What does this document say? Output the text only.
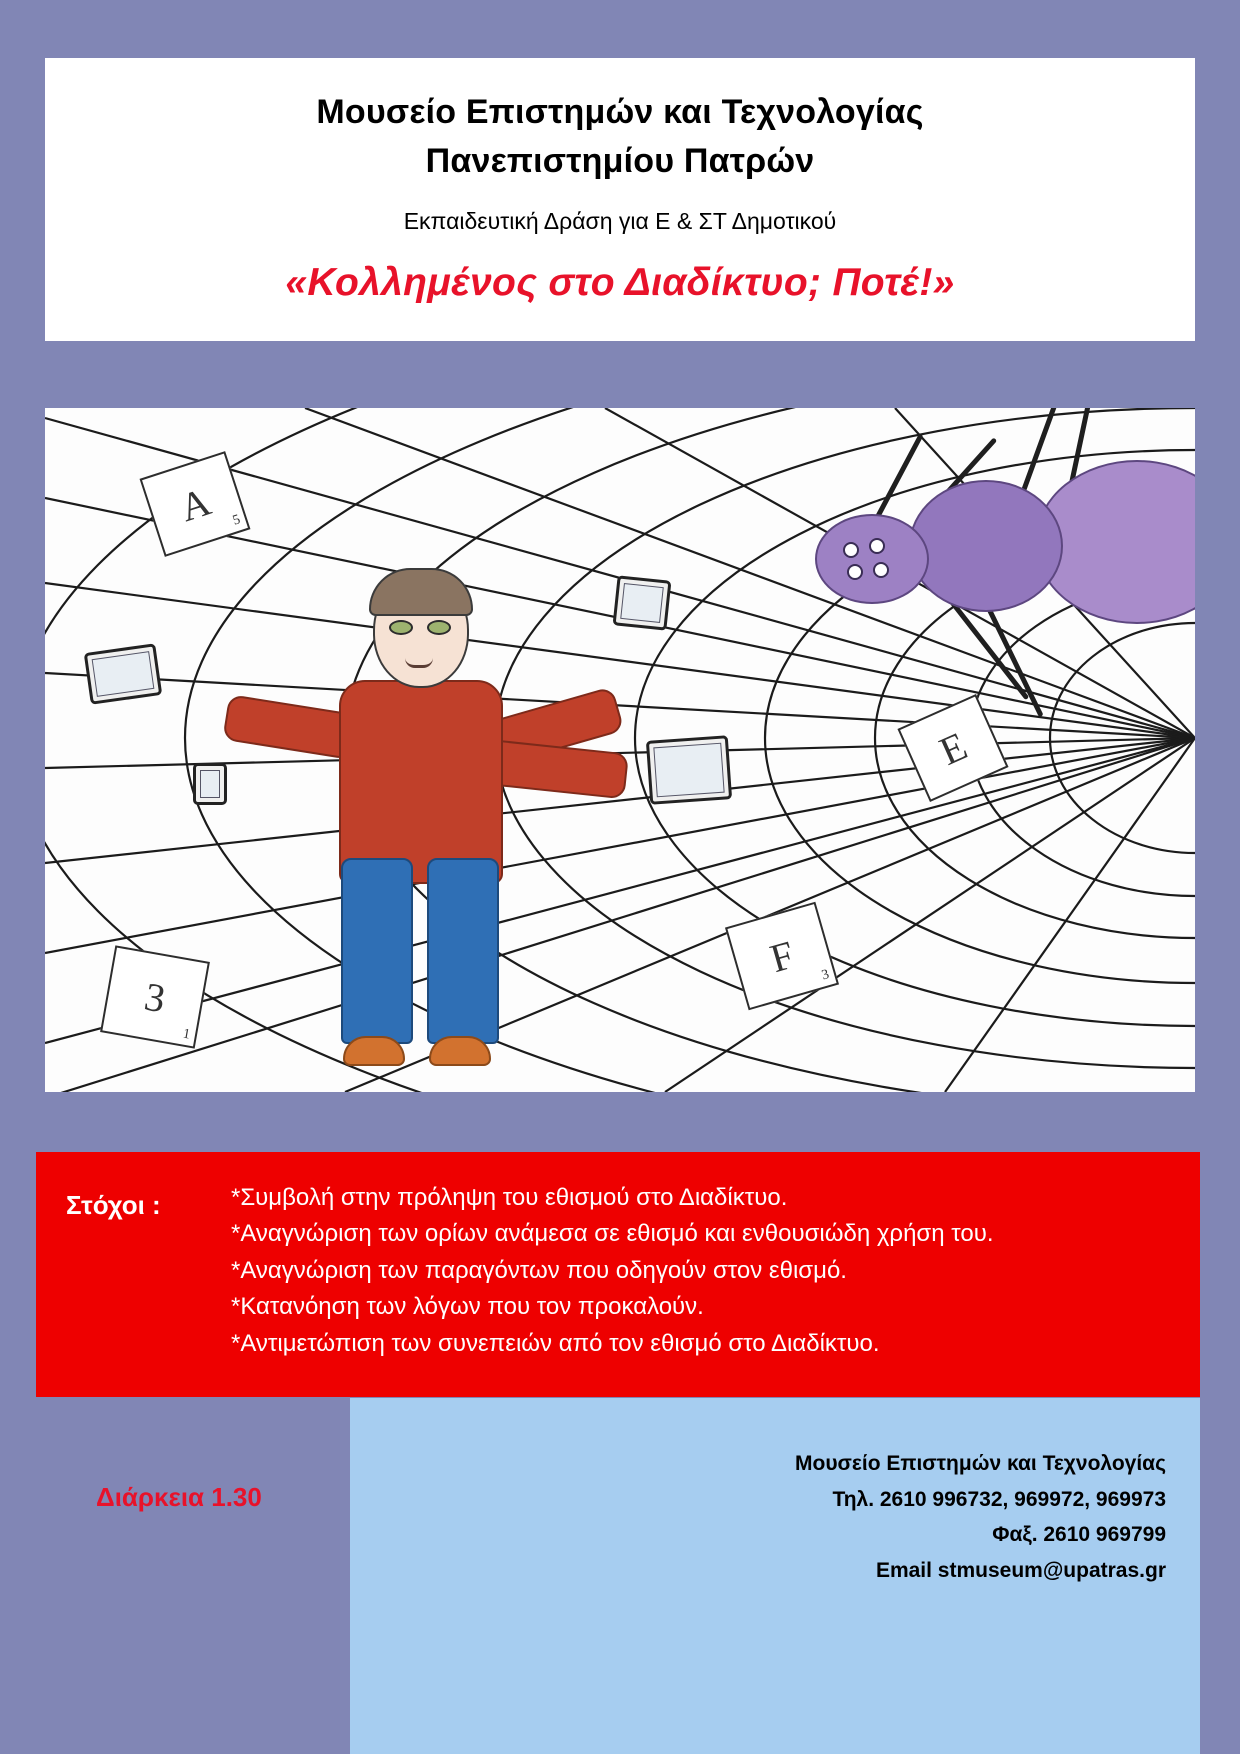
Μουσείο Επιστημών και Τεχνολογίας
Πανεπιστημίου Πατρών
Εκπαιδευτική Δράση για Ε & ΣΤ Δημοτικού
«Κολλημένος στο Διαδίκτυο; Ποτέ!»
A 5
E
F 3
3
1
Στόχοι :	*Συμβολή στην πρόληψη του εθισμού στο Διαδίκτυο.
*Αναγνώριση των ορίων ανάμεσα σε εθισμό και ενθουσιώδη χρήση του.
*Αναγνώριση των παραγόντων που οδηγούν στον εθισμό.
*Κατανόηση των λόγων που τον προκαλούν.
*Αντιμετώπιση των συνεπειών από τον εθισμό στο Διαδίκτυο.
Διάρκεια 1.30
Μουσείο Επιστημών και Τεχνολογίας
Τηλ. 2610 996732, 969972, 969973
Φαξ. 2610 969799
Email stmuseum@upatras.gr
